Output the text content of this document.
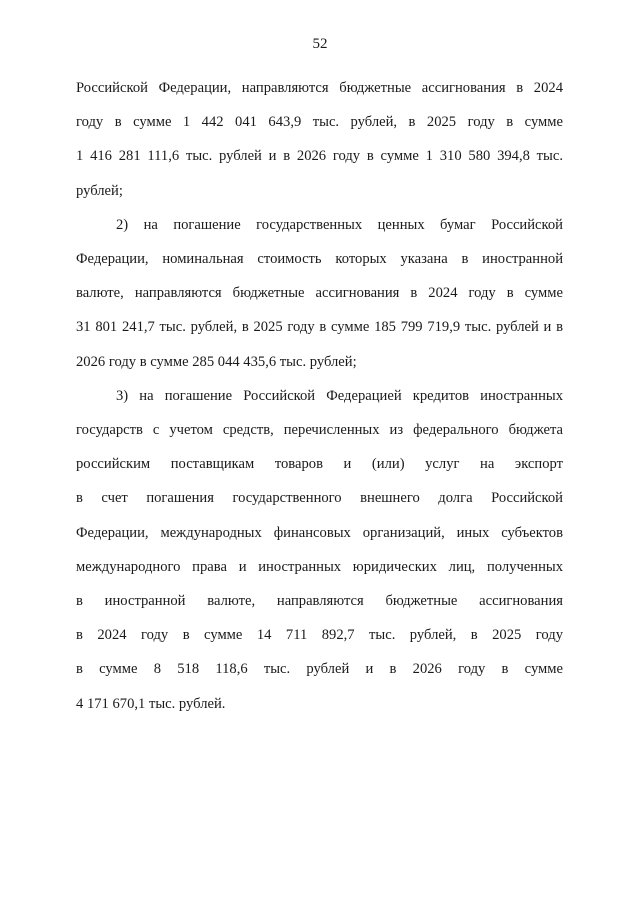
52

Российской Федерации, направляются бюджетные ассигнования в 2024
году в сумме 1 442 041 643,9 тыс. рублей, в 2025 году в сумме
1 416 281 111,6 тыс. рублей и в 2026 году в сумме 1 310 580 394,8 тыс.
рублей;

2) на погашение государственных ценных бумаг Российской
Федерации, номинальная стоимость которых указана в иностранной
валюте, направляются бюджетные ассигнования в 2024 году в сумме
31 801 241,7 тыс. рублей, в 2025 году в сумме 185 799 719,9 тыс. рублей и в
2026 году в сумме 285 044 435,6 тыс. рублей;

3) на погашение Российской Федерацией кредитов иностранных
государств с учетом средств, перечисленных из федерального бюджета
российским поставщикам товаров и (или) услуг на экспорт
в счет погашения государственного внешнего долга Российской
Федерации, международных финансовых организаций, иных субъектов
международного права и иностранных юридических лиц, полученных
в иностранной валюте, направляются бюджетные ассигнования
в 2024 году в сумме 14 711 892,7 тыс. рублей, в 2025 году
в сумме 8 518 118,6 тыс. рублей и в 2026 году в сумме
4 171 670,1 тыс. рублей.
